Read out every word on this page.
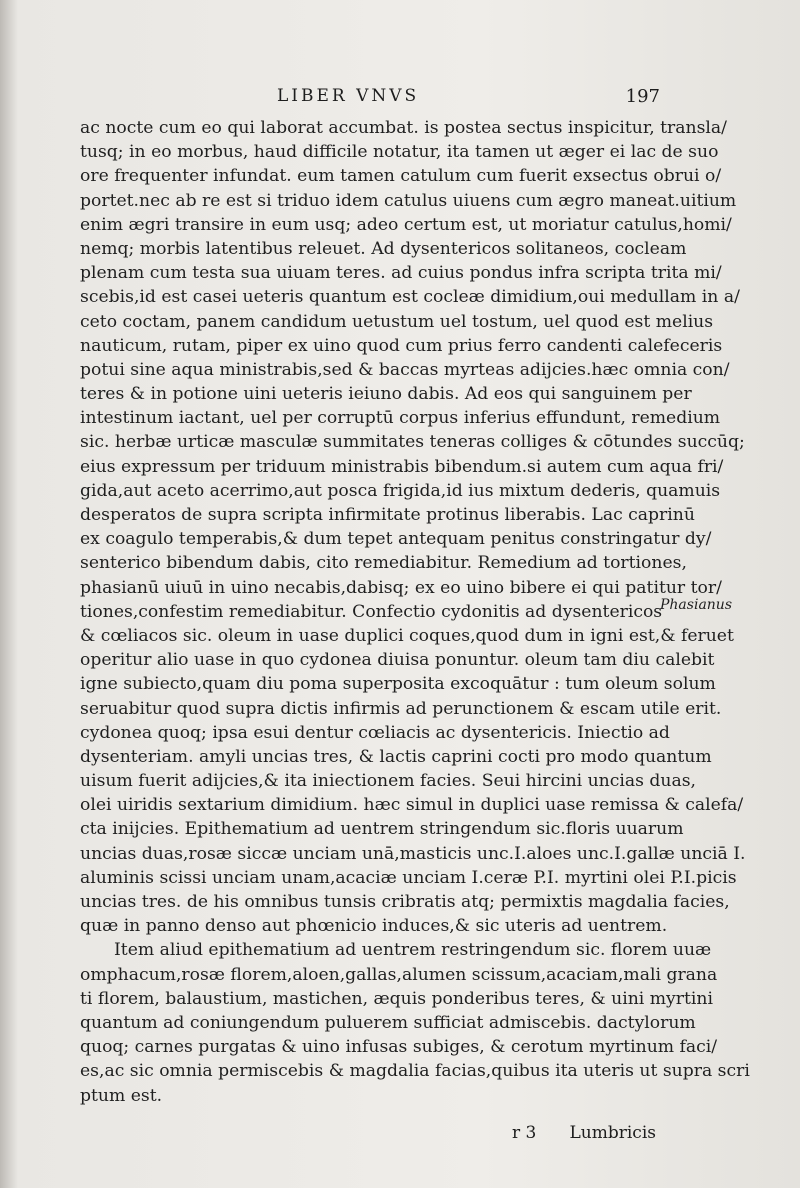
LIBER VNVS	197
ac nocte cum eo qui laborat accumbat. is postea sectus inspicitur, transla/
tusq; in eo morbus, haud difficile notatur, ita tamen ut æger ei lac de suo
ore frequenter infundat. eum tamen catulum cum fuerit exsectus obrui o/
portet.nec ab re est si triduo idem catulus uiuens cum ægro maneat.uitium
enim ægri transire in eum usq; adeo certum est, ut moriatur catulus,homi/
nemq; morbis latentibus releuet. Ad dysentericos solitaneos, cocleam
plenam cum testa sua uiuam teres. ad cuius pondus infra scripta trita mi/
scebis,id est casei ueteris quantum est cocleæ dimidium,oui medullam in a/
ceto coctam, panem candidum uetustum uel tostum, uel quod est melius
nauticum, rutam, piper ex uino quod cum prius ferro candenti calefeceris
potui sine aqua ministrabis,sed & baccas myrteas adijcies.hæc omnia con/
teres & in potione uini ueteris ieiuno dabis. Ad eos qui sanguinem per
intestinum iactant, uel per corruptū corpus inferius effundunt, remedium
sic. herbæ urticæ masculæ summitates teneras colliges & cōtundes succūq;
eius expressum per triduum ministrabis bibendum.si autem cum aqua fri/
gida,aut aceto acerrimo,aut posca frigida,id ius mixtum dederis, quamuis
desperatos de supra scripta infirmitate protinus liberabis. Lac caprinū
ex coagulo temperabis,& dum tepet antequam penitus constringatur dy/
senterico bibendum dabis, cito remediabitur. Remedium ad tortiones,
phasianū uiuū in uino necabis,dabisq; ex eo uino bibere ei qui patitur tor/
tiones,confestim remediabitur. Confectio cydonitis ad dysentericos
& cœliacos sic. oleum in uase duplici coques,quod dum in igni est,& feruet
operitur alio uase in quo cydonea diuisa ponuntur. oleum tam diu calebit
igne subiecto,quam diu poma superposita excoquātur : tum oleum solum
seruabitur quod supra dictis infirmis ad perunctionem & escam utile erit.
cydonea quoq; ipsa esui dentur cœliacis ac dysentericis. Iniectio ad
dysenteriam. amyli uncias tres, & lactis caprini cocti pro modo quantum
uisum fuerit adijcies,& ita iniectionem facies. Seui hircini uncias duas,
olei uiridis sextarium dimidium. hæc simul in duplici uase remissa & calefa/
cta inijcies. Epithematium ad uentrem stringendum sic.floris uuarum
uncias duas,rosæ siccæ unciam unā,masticis unc.I.aloes unc.I.gallæ unciā I.
aluminis scissi unciam unam,acaciæ unciam I.ceræ P.I. myrtini olei P.I.picis
uncias tres. de his omnibus tunsis cribratis atq; permixtis magdalia facies,
quæ in panno denso aut phœnicio induces,& sic uteris ad uentrem.
Item aliud epithematium ad uentrem restringendum sic. florem uuæ
omphacum,rosæ florem,aloen,gallas,alumen scissum,acaciam,mali grana
ti florem, balaustium, mastichen, æquis ponderibus teres, & uini myrtini
quantum ad coniungendum puluerem sufficiat admiscebis. dactylorum
quoq; carnes purgatas & uino infusas subiges, & cerotum myrtinum faci/
es,ac sic omnia permiscebis & magdalia facias,quibus ita uteris ut supra scri
ptum est.
Phasianus
r 3 Lumbricis
